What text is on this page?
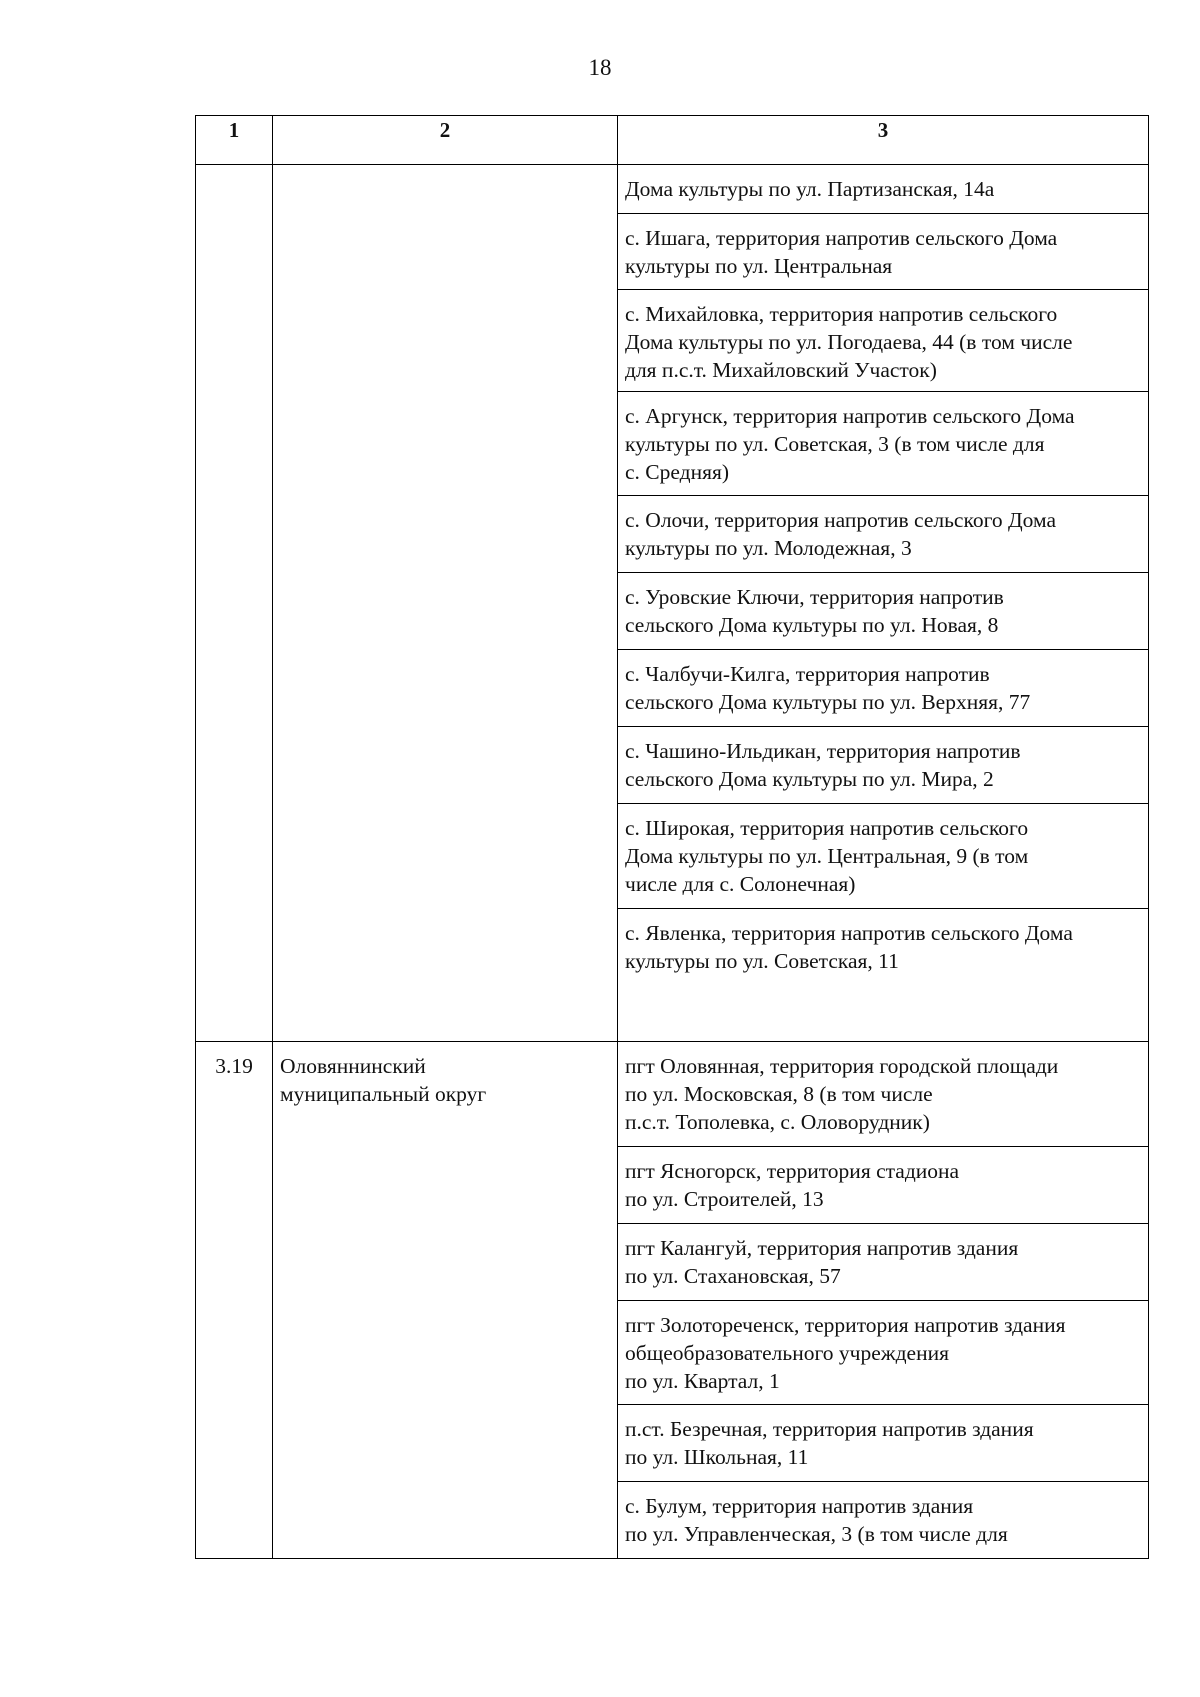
18
1	2	3

		Дома культуры по ул. Партизанская, 14а

		с. Ишага, территория напротив сельского Дома
культуры по ул. Центральная

		с. Михайловка, территория напротив сельского
Дома культуры по ул. Погодаева, 44 (в том числе
для п.с.т. Михайловский Участок)

		с. Аргунск, территория напротив сельского Дома
культуры по ул. Советская, 3 (в том числе для
с. Средняя)

		с. Олочи, территория напротив сельского Дома
культуры по ул. Молодежная, 3

		с. Уровские Ключи, территория напротив
сельского Дома культуры по ул. Новая, 8

		с. Чалбучи-Килга, территория напротив
сельского Дома культуры по ул. Верхняя, 77

		с. Чашино-Ильдикан, территория напротив
сельского Дома культуры по ул. Мира, 2

		с. Широкая, территория напротив сельского
Дома культуры по ул. Центральная, 9 (в том
числе для с. Солонечная)

		с. Явленка, территория напротив сельского Дома
культуры по ул. Советская, 11

3.19	Оловяннинский
муниципальный округ	пгт Оловянная, территория городской площади
по ул. Московская, 8 (в том числе
п.с.т. Тополевка, с. Оловорудник)

		пгт Ясногорск, территория стадиона
по ул. Строителей, 13

		пгт Калангуй, территория напротив здания
по ул. Стахановская, 57

		пгт Золотореченск, территория напротив здания
общеобразовательного учреждения
по ул. Квартал, 1

		п.ст. Безречная, территория напротив здания
по ул. Школьная, 11

		с. Булум, территория напротив здания
по ул. Управленческая, 3 (в том числе для
